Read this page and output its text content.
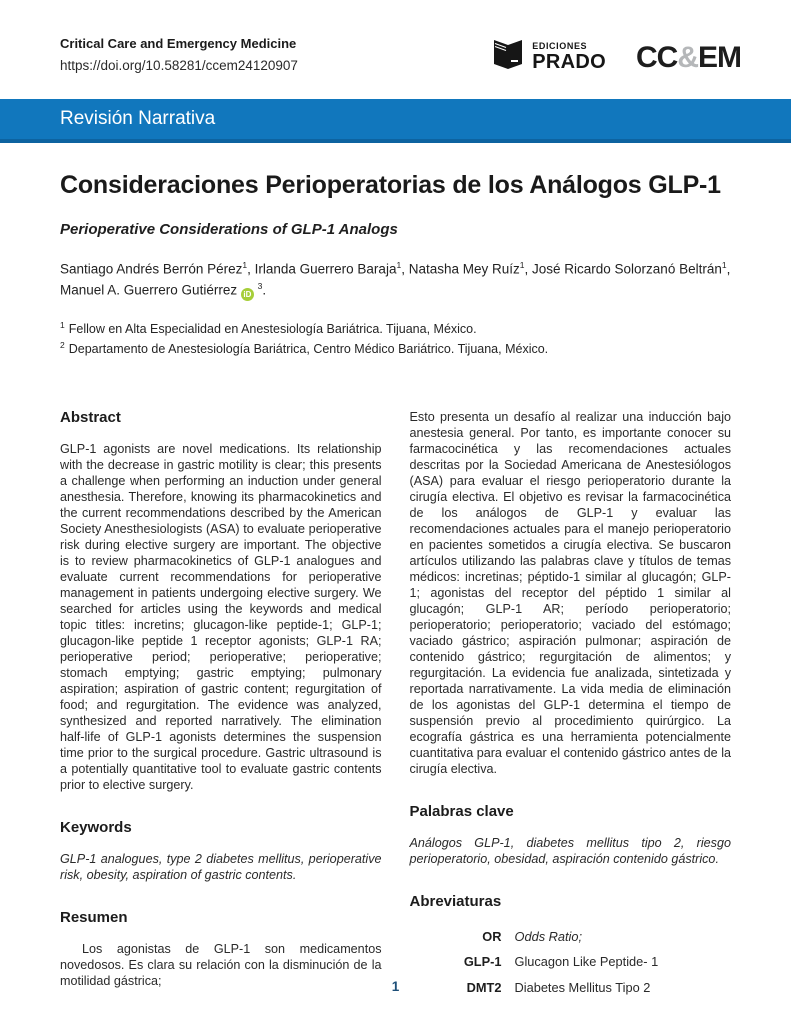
Critical Care and Emergency Medicine
https://doi.org/10.58281/ccem24120907
EDICIONES
PRADO CC&EM
Revisión Narrativa
Consideraciones Perioperatorias de los Análogos GLP-1
Perioperative Considerations of GLP-1 Analogs

Santiago Andrés Berrón Pérez$^1$, Irlanda Guerrero Baraja$^1$, Natasha Mey Ruíz$^1$, José Ricardo Solorzanó Beltrán$^1$, Manuel A. Guerrero Gutiérrez iD $^3$.

$^1$ Fellow en Alta Especialidad en Anestesiología Bariátrica. Tijuana, México.
$^2$ Departamento de Anestesiología Bariátrica, Centro Médico Bariátrico. Tijuana, México.
Abstract

GLP-1 agonists are novel medications. Its relationship with the decrease in gastric motility is clear; this presents a challenge when performing an induction under general anesthesia. Therefore, knowing its pharmacokinetics and the current recommendations described by the American Society Anesthesiologists (ASA) to evaluate perioperative risk during elective surgery are important. The objective is to review pharmacokinetics of GLP-1 analogues and evaluate current recommendations for perioperative management in patients undergoing elective surgery. We searched for articles using the keywords and medical topic titles: incretins; glucagon-like peptide-1; GLP-1; glucagon-like peptide 1 receptor agonists; GLP-1 RA; perioperative period; perioperative; perioperative; stomach emptying; gastric emptying; pulmonary aspiration; aspiration of gastric content; regurgitation of food; and regurgitation. The evidence was analyzed, synthesized and reported narratively. The elimination half-life of GLP-1 agonists determines the suspension time prior to the surgical procedure. Gastric ultrasound is a potentially quantitative tool to evaluate gastric contents prior to elective surgery.

Keywords

GLP-1 analogues, type 2 diabetes mellitus, perioperative risk, obesity, aspiration of gastric contents.

Resumen

Los agonistas de GLP-1 son medicamentos novedosos. Es clara su relación con la disminución de la motilidad gástrica;

Esto presenta un desafío al realizar una inducción bajo anestesia general. Por tanto, es importante conocer su farmacocinética y las recomendaciones actuales descritas por la Sociedad Americana de Anestesiólogos (ASA) para evaluar el riesgo perioperatorio durante la cirugía electiva. El objetivo es revisar la farmacocinética de los análogos de GLP-1 y evaluar las recomendaciones actuales para el manejo perioperatorio en pacientes sometidos a cirugía electiva. Se buscaron artículos utilizando las palabras clave y títulos de temas médicos: incretinas; péptido-1 similar al glucagón; GLP-1; agonistas del receptor del péptido 1 similar al glucagón; GLP-1 AR; período perioperatorio; perioperatorio; perioperatorio; vaciado del estómago; vaciado gástrico; aspiración pulmonar; aspiración de contenido gástrico; regurgitación de alimentos; y regurgitación. La evidencia fue analizada, sintetizada y reportada narrativamente. La vida media de eliminación de los agonistas del GLP-1 determina el tiempo de suspensión previo al procedimiento quirúrgico. La ecografía gástrica es una herramienta potencialmente cuantitativa para evaluar el contenido gástrico antes de la cirugía electiva.

Palabras clave

Análogos GLP-1, diabetes mellitus tipo 2, riesgo perioperatorio, obesidad, aspiración contenido gástrico.

Abreviaturas
OR Odds Ratio;
GLP-1 Glucagon Like Peptide- 1
DMT2 Diabetes Mellitus Tipo 2
1
